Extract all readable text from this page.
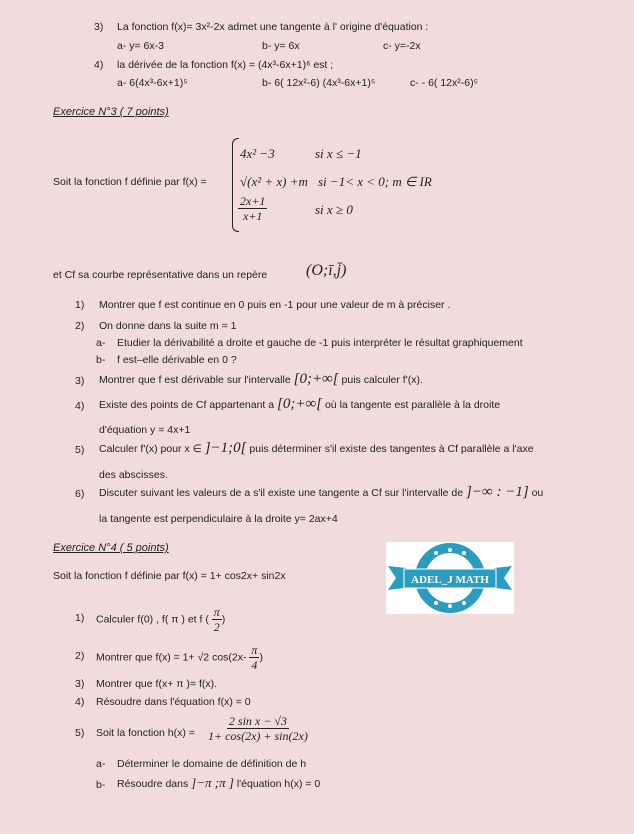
3) La fonction f(x)= 3x²-2x admet une tangente à l' origine d'équation :
a- y= 6x-3	b- y= 6x	c- y=-2x
4) la dérivée de la fonction f(x) = (4x³-6x+1)⁶ est ;
a- 6(4x³-6x+1)⁵	b- 6( 12x²-6) (4x³-6x+1)⁵	c- - 6( 12x²-6)⁵
Exercice N°3 ( 7 points)
Soit la fonction f définie par f(x) =
4x² −3	si x ≤ −1
√(x² + x) +m si −1< x < 0; m ∈ IR
$\frac{2x+1}{x+1}$	si x ≥ 0
et Cf sa courbe représentative dans un repère (O;ī,j̄)
1) Montrer que f est continue en 0 puis en -1 pour une valeur de m à préciser .
2) On donne dans la suite m = 1
a- Etudier la dérivabilité a droite et gauche de -1 puis interpréter le résultat graphiquement
b- f est–elle dérivable en 0 ?
3) Montrer que f est dérivable sur l'intervalle [0;+∞[ puis calculer f'(x).
4) Existe des points de Cf appartenant a [0;+∞[ où la tangente est parallèle à la droite
d'équation y = 4x+1
5) Calculer f'(x) pour x ∈ ]−1;0[ puis déterminer s'il existe des tangentes à Cf parallèle a l'axe
des abscisses.
6) Discuter suivant les valeurs de a s'il existe une tangente a Cf sur l'intervalle de ]−∞ : −1] ou
la tangente est perpendiculaire à la droite y= 2ax+4
Exercice N°4 ( 5 points)
Soit la fonction f définie par f(x) = 1+ cos2x+ sin2x	ADEL_J MATH
1) Calculer f(0) , f( π ) et f ( $\frac{\pi}{2}$ )
2) Montrer que f(x) = 1+ √2 $\cos(2x- \frac{\pi}{4}$ )
3) Montrer que f(x+ π )= f(x).
4) Résoudre dans l'équation f(x) = 0
5) Soit la fonction $h(x) = \frac{\text{2 sin x − √3}}{1+ \cos(2x) + \sin(2x)}$
a- Déterminer le domaine de définition de h
b- Résoudre dans ]−π ;π ] l'équation h(x) = 0
